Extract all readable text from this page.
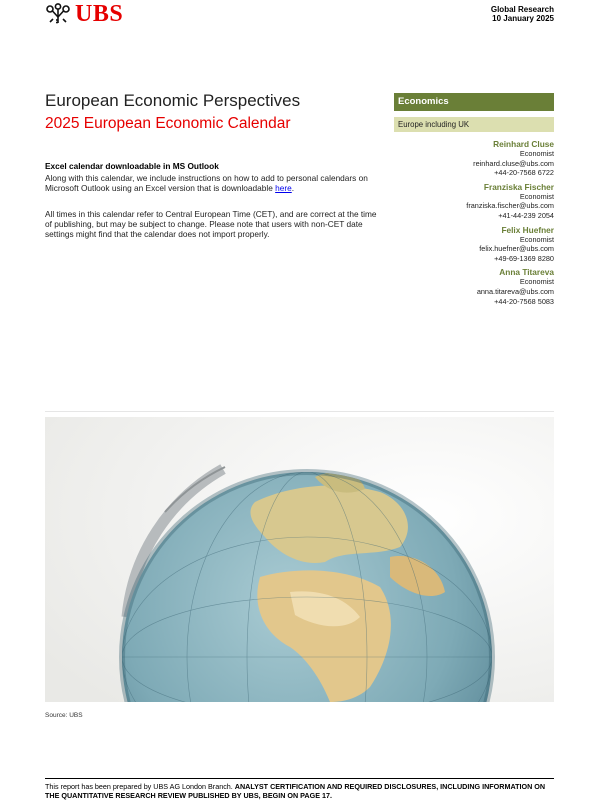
UBS	Global Research
10 January 2025
European Economic Perspectives
2025 European Economic Calendar
Excel calendar downloadable in MS Outlook
Along with this calendar, we include instructions on how to add to personal calendars on Microsoft Outlook using an Excel version that is downloadable here.
All times in this calendar refer to Central European Time (CET), and are correct at the time of publishing, but may be subject to change. Please note that users with non-CET date settings might find that the calendar does not import properly.
Economics
Europe including UK
Reinhard Cluse
Economist
reinhard.cluse@ubs.com
+44-20-7568 6722
Franziska Fischer
Economist
franziska.fischer@ubs.com
+41-44-239 2054
Felix Huefner
Economist
felix.huefner@ubs.com
+49-69-1369 8280
Anna Titareva
Economist
anna.titareva@ubs.com
+44-20-7568 5083
Source: UBS
This report has been prepared by UBS AG London Branch. ANALYST CERTIFICATION AND REQUIRED DISCLOSURES, INCLUDING INFORMATION ON THE QUANTITATIVE RESEARCH REVIEW PUBLISHED BY UBS, BEGIN ON PAGE 17.
